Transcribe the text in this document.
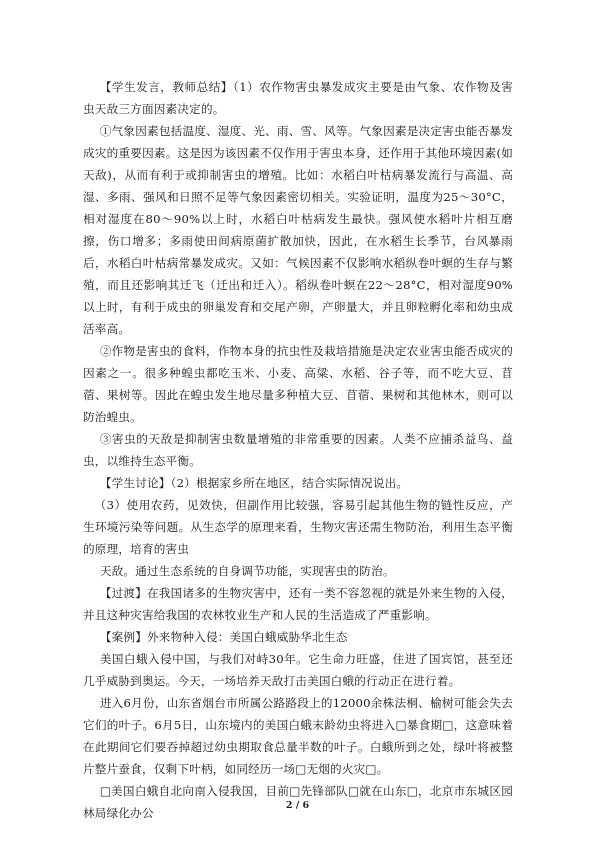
【学生发言，教师总结】（1）农作物害虫暴发成灾主要是由气象、农作物及害虫天敌三方面因素决定的。

①气象因素包括温度、湿度、光、雨、雪、风等。气象因素是决定害虫能否暴发成灾的重要因素。这是因为该因素不仅作用于害虫本身，还作用于其他环境因素(如天敌)，从而有利于或抑制害虫的增殖。比如：水稻白叶枯病暴发流行与高温、高湿、多雨、强风和日照不足等气象因素密切相关。实验证明，温度为25～30°C，相对湿度在80～90%以上时，水稻白叶枯病发生最快。强风使水稻叶片相互磨擦，伤口增多；多雨使田间病原菌扩散加快，因此，在水稻生长季节，台风暴雨后，水稻白叶枯病常暴发成灾。又如：气候因素不仅影响水稻纵卷叶螟的生存与繁殖，而且还影响其迁飞（迁出和迁入）。稻纵卷叶螟在22～28°C，相对湿度90%以上时，有利于成虫的卵巢发育和交尾产卵，产卵量大，并且卵粒孵化率和幼虫成活率高。

②作物是害虫的食料，作物本身的抗虫性及栽培措施是决定农业害虫能否成灾的因素之一。很多种蝗虫都吃玉米、小麦、高粱、水稻、谷子等，而不吃大豆、苜蓿、果树等。因此在蝗虫发生地尽量多种植大豆、苜蓿、果树和其他林木，则可以防治蝗虫。

③害虫的天敌是抑制害虫数量增殖的非常重要的因素。人类不应捕杀益鸟、益虫，以维持生态平衡。

【学生讨论】（2）根据家乡所在地区，结合实际情况说出。

（3）使用农药，见效快，但副作用比较强，容易引起其他生物的链性反应，产生环境污染等问题。从生态学的原理来看，生物灾害还需生物防治，利用生态平衡的原理，培育的害虫

天敌。通过生态系统的自身调节功能，实现害虫的防治。

【过渡】在我国诸多的生物灾害中，还有一类不容忽视的就是外来生物的入侵，并且这种灾害给我国的农林牧业生产和人民的生活造成了严重影响。

【案例】外来物种入侵：美国白蛾威胁华北生态

美国白蛾入侵中国，与我们对峙30年。它生命力旺盛，住进了国宾馆，甚至还几乎威胁到奥运。今天，一场培养天敌打击美国白蛾的行动正在进行着。

进入6月份，山东省烟台市所属公路路段上的12000余株法桐、榆树可能会失去它们的叶子。6月5日，山东境内的美国白蛾末龄幼虫将进入□暴食期□，这意味着在此期间它们要吞掉超过幼虫期取食总量半数的叶子。白蛾所到之处，绿叶将被整片整片蚕食，仅剩下叶柄，如同经历一场□无烟的火灾□。

□美国白蛾自北向南入侵我国，目前□先锋部队□就在山东□，北京市东城区园林局绿化办公

2 / 6
